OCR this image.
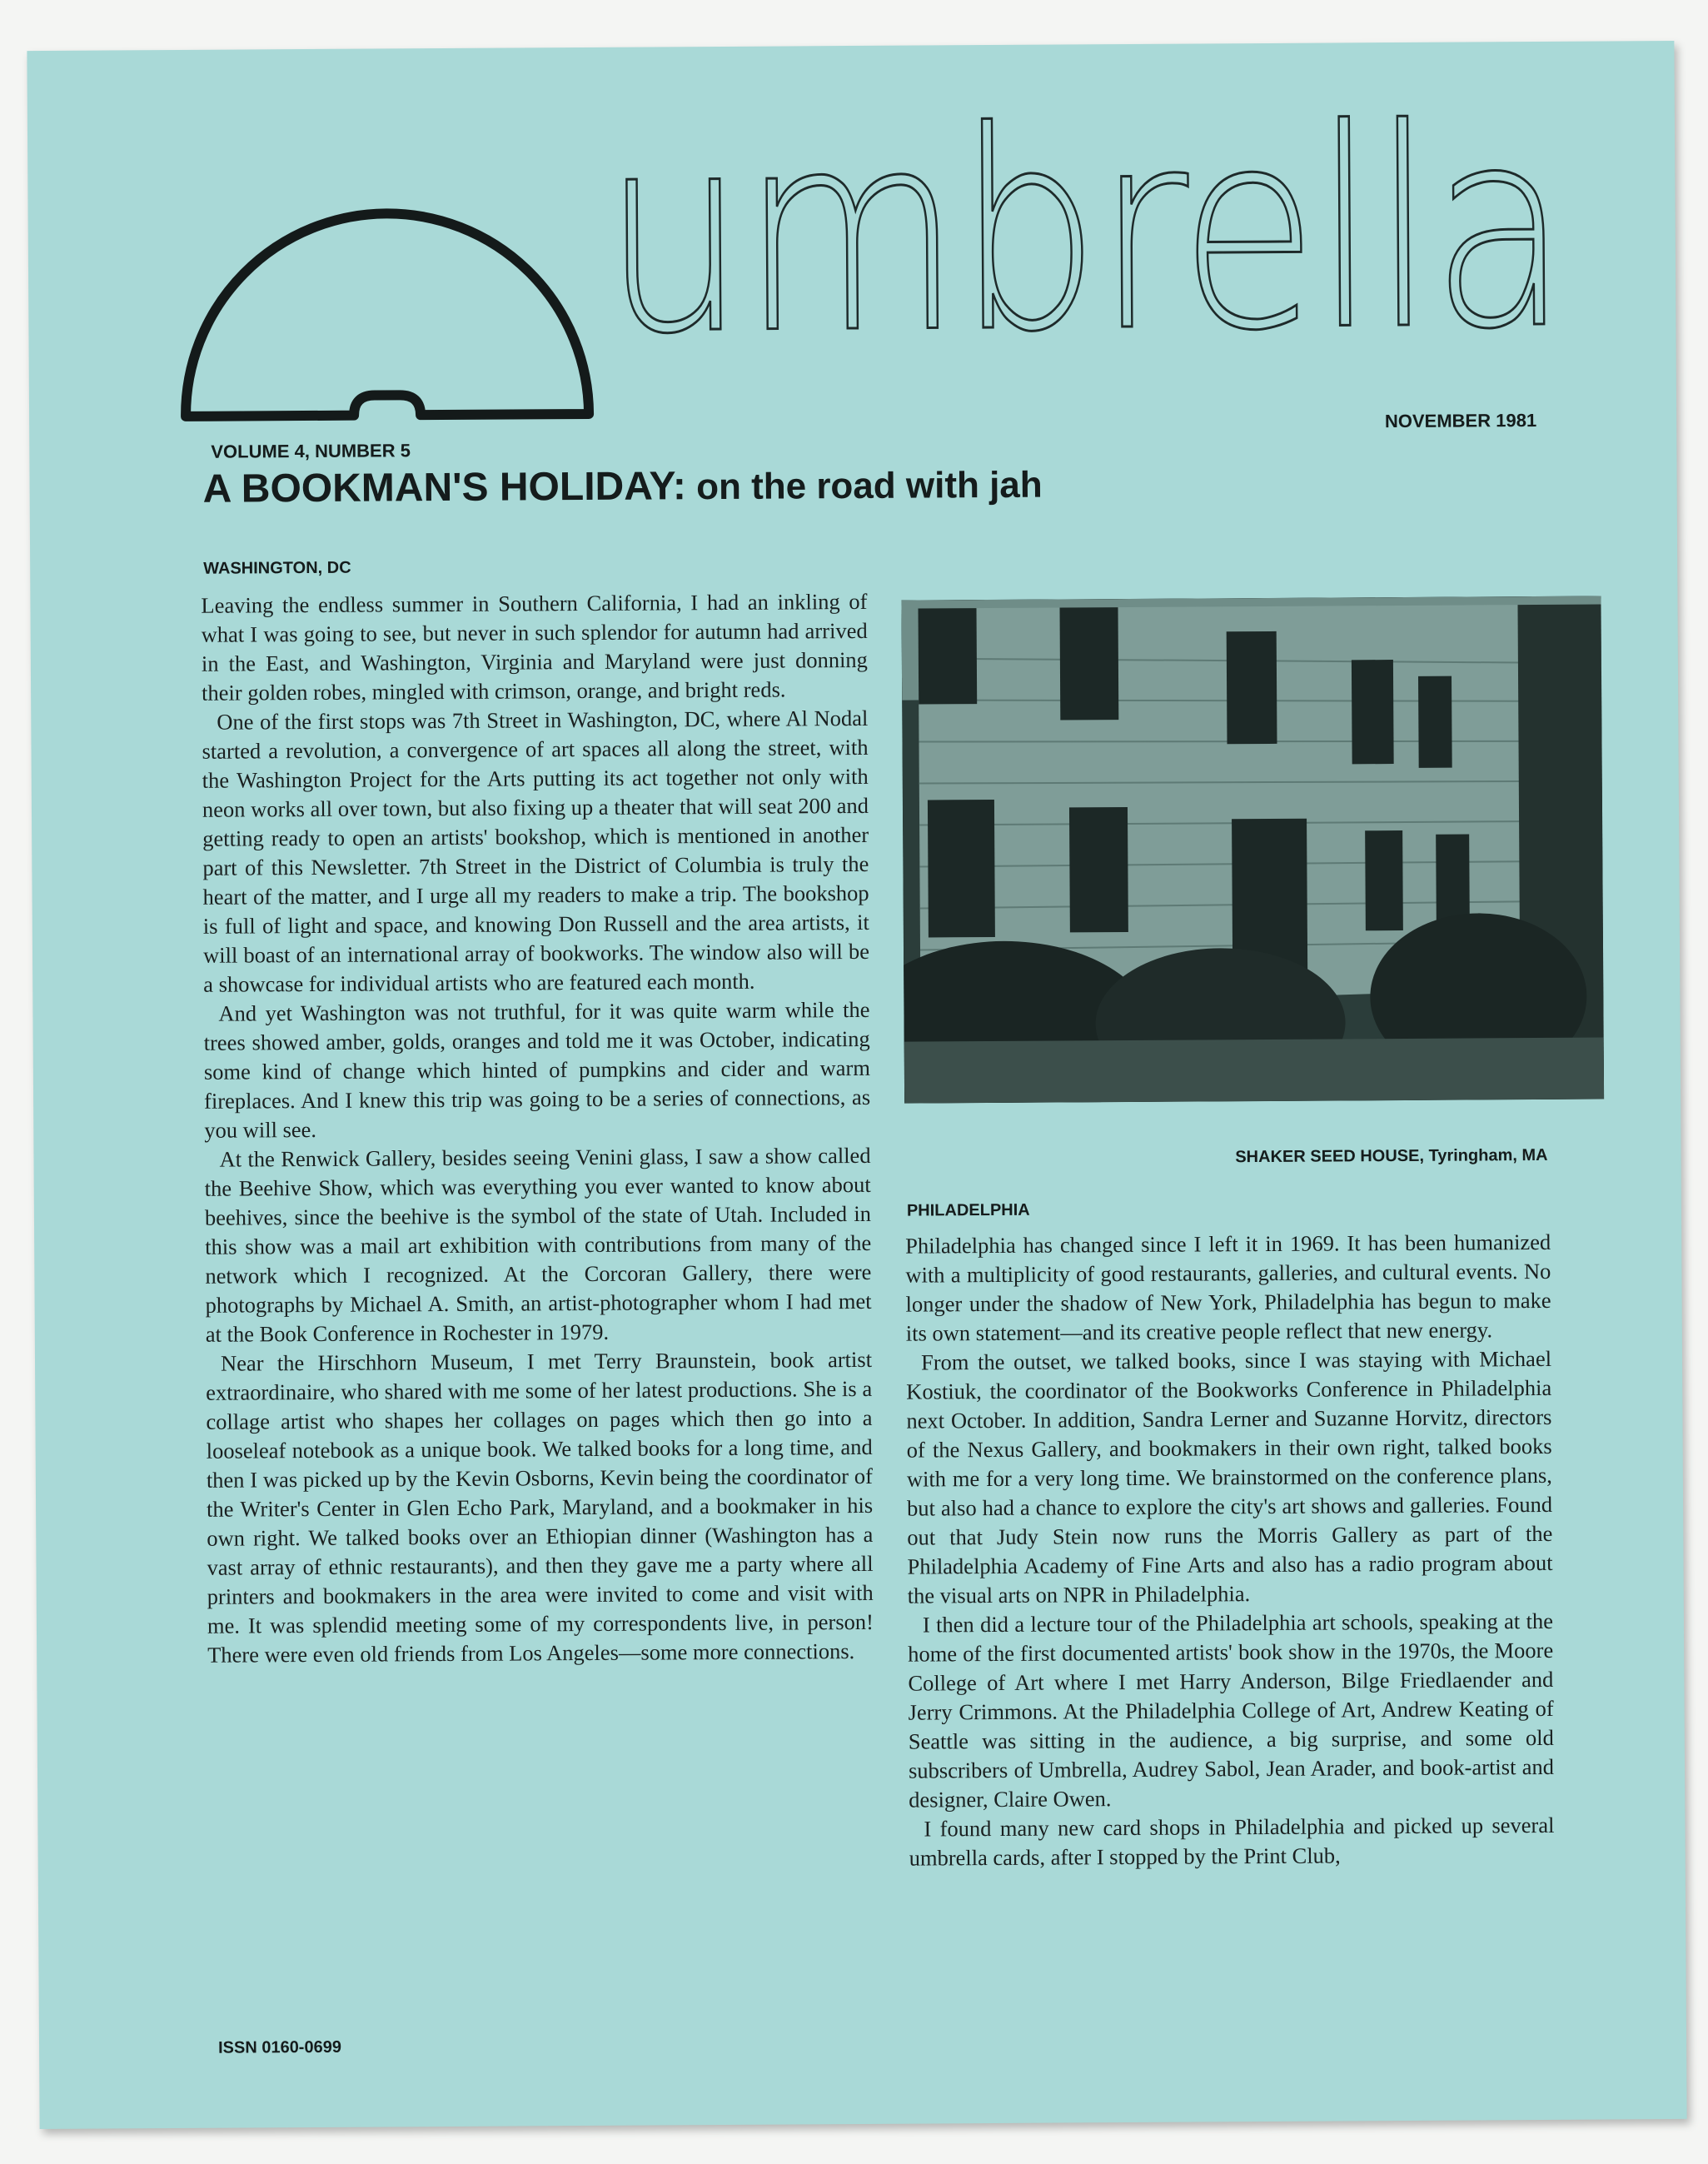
umbrella
VOLUME 4, NUMBER 5
NOVEMBER 1981
A BOOKMAN'S HOLIDAY: on the road with jah
WASHINGTON, DC

Leaving the endless summer in Southern California, I had an inkling of what I was going to see, but never in such splendor for autumn had arrived in the East, and Washington, Virginia and Maryland were just donning their golden robes, mingled with crimson, orange, and bright reds.

One of the first stops was 7th Street in Washington, DC, where Al Nodal started a revolution, a convergence of art spaces all along the street, with the Washington Project for the Arts putting its act together not only with neon works all over town, but also fixing up a theater that will seat 200 and getting ready to open an artists' bookshop, which is mentioned in another part of this Newsletter. 7th Street in the District of Columbia is truly the heart of the matter, and I urge all my readers to make a trip. The bookshop is full of light and space, and knowing Don Russell and the area artists, it will boast of an international array of bookworks. The window also will be a showcase for individual artists who are featured each month.

And yet Washington was not truthful, for it was quite warm while the trees showed amber, golds, oranges and told me it was October, indicating some kind of change which hinted of pumpkins and cider and warm fireplaces. And I knew this trip was going to be a series of connections, as you will see.

At the Renwick Gallery, besides seeing Venini glass, I saw a show called the Beehive Show, which was everything you ever wanted to know about beehives, since the beehive is the symbol of the state of Utah. Included in this show was a mail art exhibition with contributions from many of the network which I recognized. At the Corcoran Gallery, there were photographs by Michael A. Smith, an artist-photographer whom I had met at the Book Conference in Rochester in 1979.

Near the Hirschhorn Museum, I met Terry Braunstein, book artist extraordinaire, who shared with me some of her latest productions. She is a collage artist who shapes her collages on pages which then go into a looseleaf notebook as a unique book. We talked books for a long time, and then I was picked up by the Kevin Osborns, Kevin being the coordinator of the Writer's Center in Glen Echo Park, Maryland, and a bookmaker in his own right. We talked books over an Ethiopian dinner (Washington has a vast array of ethnic restaurants), and then they gave me a party where all printers and bookmakers in the area were invited to come and visit with me. It was splendid meeting some of my correspondents live, in person! There were even old friends from Los Angeles—some more connections.

SHAKER SEED HOUSE, Tyringham, MA
PHILADELPHIA

Philadelphia has changed since I left it in 1969. It has been humanized with a multiplicity of good restaurants, galleries, and cultural events. No longer under the shadow of New York, Philadelphia has begun to make its own statement—and its creative people reflect that new energy.

From the outset, we talked books, since I was staying with Michael Kostiuk, the coordinator of the Bookworks Conference in Philadelphia next October. In addition, Sandra Lerner and Suzanne Horvitz, directors of the Nexus Gallery, and bookmakers in their own right, talked books with me for a very long time. We brainstormed on the conference plans, but also had a chance to explore the city's art shows and galleries. Found out that Judy Stein now runs the Morris Gallery as part of the Philadelphia Academy of Fine Arts and also has a radio program about the visual arts on NPR in Philadelphia.

I then did a lecture tour of the Philadelphia art schools, speaking at the home of the first documented artists' book show in the 1970s, the Moore College of Art where I met Harry Anderson, Bilge Friedlaender and Jerry Crimmons. At the Philadelphia College of Art, Andrew Keating of Seattle was sitting in the audience, a big surprise, and some old subscribers of Umbrella, Audrey Sabol, Jean Arader, and book-artist and designer, Claire Owen.

I found many new card shops in Philadelphia and picked up several umbrella cards, after I stopped by the Print Club,

ISSN 0160-0699
